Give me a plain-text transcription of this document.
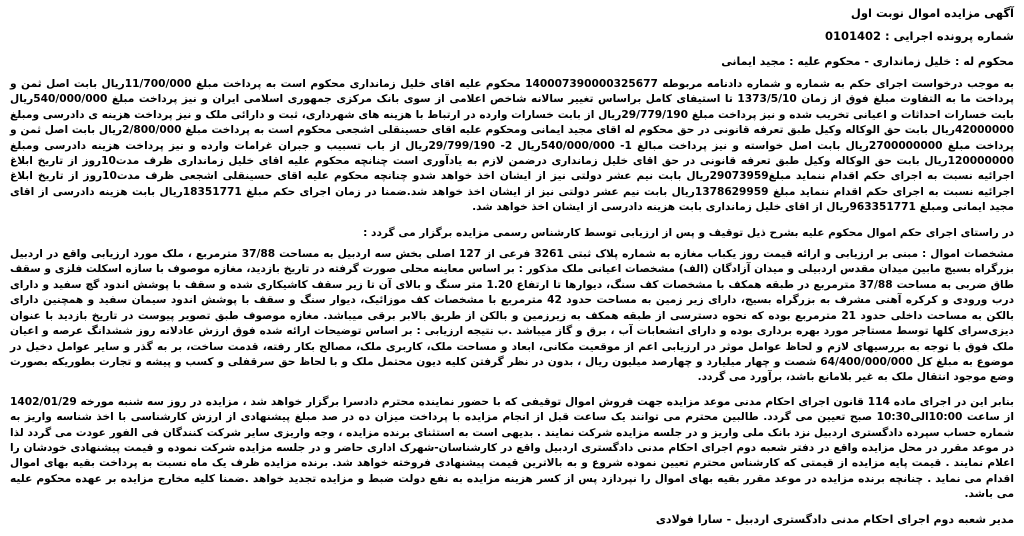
آگهی مزایده اموال نوبت اول
شماره پرونده اجرایی : 0101402
محکوم له : خلیل زمانداری - محکوم علیه : مجید ایمانی
به موجب درخواست اجرای حکم به شماره و شماره دادنامه مربوطه 140007390000325677 محکوم علیه اقای خلیل زمانداری محکوم است به پرداخت مبلغ 11/700/000ریال بابت اصل ثمن و پرداخت ما به التفاوت مبلغ فوق از زمان 1373/5/10 تا استیفای کامل براساس تغییر سالانه شاخص اعلامی از سوی بانک مرکزی جمهوری اسلامی ایران و نیز پرداخت مبلغ 540/000/000ریال بابت خسارات احداثات و اعیانی تخریب شده و نیز پرداخت مبلغ 29/779/190ریال از بابت خسارات وارده در ارتباط با هزینه های شهرداری، ثبت و دارائی ملک و نیز پرداخت هزینه ی دادرسی ومبلغ 42000000ریال بابت حق الوکاله وکیل طبق تعرفه قانونی در حق محکوم له اقای مجید ایمانی ومحکوم علیه اقای حسینقلی اشجعی محکوم است به پرداخت مبلغ 2/800/000ریال بابت اصل ثمن و پرداخت مبلغ 2700000000ریال بابت اصل خواسته و نیز پرداخت مبالغ 1- 540/000/000ریال 2- 29/799/190ریال از باب تسبیب و جبران غرامات وارده و نیز پرداخت هزینه دادرسی ومبلغ 120000000ریال بابت حق الوکاله وکیل طبق تعرفه قانونی در حق اقای خلیل زمانداری درضمن لازم به یادآوری است چنانچه محکوم علیه اقای خلیل زمانداری ظرف مدت10روز از تاریخ ابلاغ اجرائیه نسبت به اجرای حکم اقدام ننماید مبلغ29073959ریال بابت نیم عشر دولتی نیز از ایشان اخذ خواهد شدو چنانچه محکوم علیه اقای حسینقلی اشجعی ظرف مدت10روز از تاریخ ابلاغ اجرائیه نسبت به اجرای حکم اقدام ننماید مبلغ 1378629959ریال بابت نیم عشر دولتی نیز از ایشان اخذ خواهد شد.ضمنا در زمان اجرای حکم مبلغ 18351771ریال بابت هزینه دادرسی از اقای مجید ایمانی ومبلغ 963351771ریال از اقای خلیل زمانداری بابت هزینه دادرسی از ایشان اخذ خواهد شد.
در راستای اجرای حکم اموال محکوم علیه بشرح ذیل توقیف و پس از ارزیابی توسط کارشناس رسمی مزایده برگزار می گردد :
مشخصات اموال : مبنی بر ارزیابی و ارائه قیمت روز یکباب مغازه به شماره پلاک ثبتی 3261 فرعی از 127 اصلی بخش سه اردبیل به مساحت 37/88 مترمربع ، ملک مورد ارزیابی واقع در اردبیل بزرگراه بسیج مابین میدان مقدس اردبیلی و میدان آزادگان (الف) مشخصات اعیانی ملک مذکور : بر اساس معاینه محلی صورت گرفته در تاریخ بازدید، مغازه موصوف با سازه اسکلت فلزی و سقف طاق ضربی به مساحت 37/88 مترمربع در طبقه همکف با مشخصات کف سنگ، دیوارها تا ارتفاع 1.20 متر سنگ و بالای آن تا زیر سقف کاشیکاری شده و سقف با پوشش اندود گچ سفید و دارای درب ورودی و کرکره آهنی مشرف به بزرگراه بسیج، دارای زیر زمین به مساحت حدود 42 مترمربع با مشخصات کف موزائیک، دیوار سنگ و سقف با پوشش اندود سیمان سفید و همچنین دارای بالکن به مساحت داخلی حدود 21 مترمربع بوده که نحوه دسترسی از طبقه همکف به زیرزمین و بالکن از طریق بالابر برقی میباشد. مغازه موصوف طبق تصویر پیوست در تاریخ بازدید با عنوان دیزی‌سرای کلها توسط مستاجر مورد بهره برداری بوده و دارای انشعابات آب ، برق و گاز میباشد .ب نتیجه ارزیابی : بر اساس توضیحات ارائه شده فوق ارزش عادلانه روز ششدانگ عرصه و اعیان ملک فوق با توجه به بررسیهای لازم و لحاظ عوامل موثر در ارزیابی اعم از موقعیت مکانی، ابعاد و مساحت ملک، کاربری ملک، مصالح بکار رفته، قدمت ساخت، بر به گذر و سایر عوامل دخیل در موضوع به مبلغ کل 64/400/000/000 شصت و چهار میلیارد و چهارصد میلیون ریال ، بدون در نظر گرفتن کلیه دیون محتمل ملک و با لحاظ حق سرقفلی و کسب و پیشه و تجارت بطوریکه بصورت وضع موجود انتقال ملک به غیر بلامانع باشد، برآورد می گردد.
بنابر این در اجرای ماده 114 قانون اجرای احکام مدنی موعد مزایده جهت فروش اموال توقیفی که با حضور نماینده محترم دادسرا برگزار خواهد شد ، مزایده در روز سه شنبه مورخه 1402/01/29 از ساعت 10:00الی10:30 صبح تعیین می گردد. طالبین محترم می توانند یک ساعت قبل از انجام مزایده با پرداخت میزان ده در صد مبلغ پیشنهادی از ارزش کارشناسی با اخذ شناسه واریز به شماره حساب سپرده دادگستری اردبیل نزد بانک ملی واریز و در جلسه مزایده شرکت نمایند . بدیهی است به استثنای برنده مزایده ، وجه واریزی سایر شرکت کنندگان فی الفور عودت می گردد لذا در موعد مقرر در محل مزایده واقع در دفتر شعبه دوم اجرای احکام مدنی دادگستری اردبیل واقع در کارشناسان-شهرک اداری حاضر و در جلسه مزایده شرکت نموده و قیمت پیشنهادی خودشان را اعلام نمایند . قیمت پایه مزایده از قیمتی که کارشناس محترم تعیین نموده شروع و به بالاترین قیمت پیشنهادی فروخته خواهد شد. برنده مزایده ظرف یک ماه نسبت به پرداخت بقیه بهای اموال اقدام می نماید . چنانچه برنده مزایده در موعد مقرر بقیه بهای اموال را نپردازد پس از کسر هزینه مزایده به نفع دولت ضبط و مزایده تجدید خواهد .ضمنا کلیه مخارج مزایده بر عهده محکوم علیه می باشد.
مدیر شعبه دوم اجرای احکام مدنی دادگستری اردبیل - سارا فولادی
